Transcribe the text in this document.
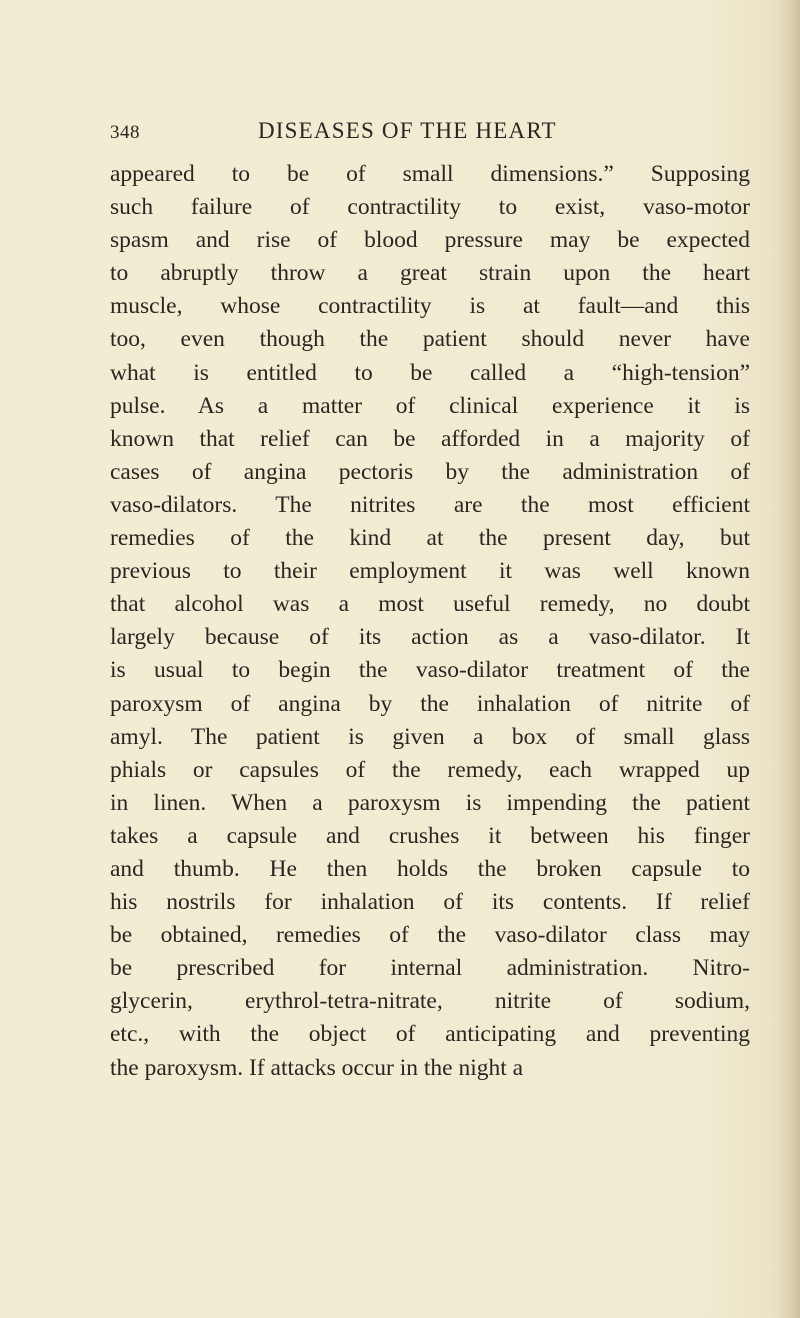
348	DISEASES OF THE HEART
appeared to be of small dimensions.” Supposing
such failure of contractility to exist, vaso-motor
spasm and rise of blood pressure may be expected
to abruptly throw a great strain upon the heart
muscle, whose contractility is at fault—and this
too, even though the patient should never have
what is entitled to be called a “high-tension”
pulse. As a matter of clinical experience it is
known that relief can be afforded in a majority of
cases of angina pectoris by the administration of
vaso-dilators. The nitrites are the most efficient
remedies of the kind at the present day, but
previous to their employment it was well known
that alcohol was a most useful remedy, no doubt
largely because of its action as a vaso-dilator. It
is usual to begin the vaso-dilator treatment of the
paroxysm of angina by the inhalation of nitrite of
amyl. The patient is given a box of small glass
phials or capsules of the remedy, each wrapped up
in linen. When a paroxysm is impending the patient
takes a capsule and crushes it between his finger
and thumb. He then holds the broken capsule to
his nostrils for inhalation of its contents. If relief
be obtained, remedies of the vaso-dilator class may
be prescribed for internal administration. Nitro-
glycerin, erythrol-tetra-nitrate, nitrite of sodium,
etc., with the object of anticipating and preventing
the paroxysm. If attacks occur in the night a
